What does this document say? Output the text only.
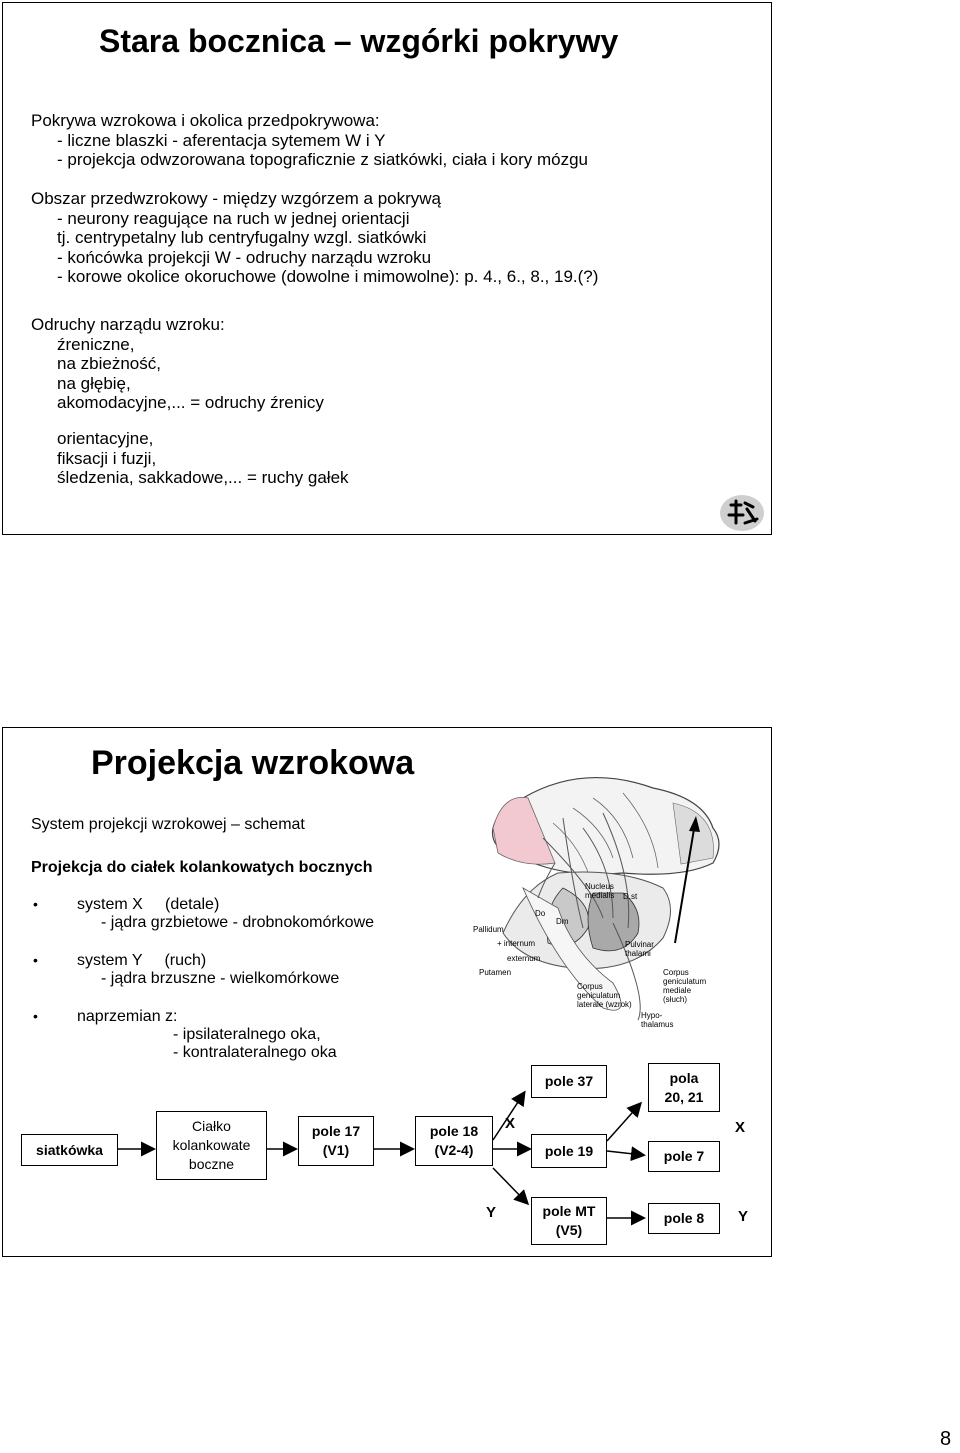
Stara bocznica – wzgórki pokrywy
Pokrywa wzrokowa i okolica przedpokrywowa:
- liczne blaszki - aferentacja sytemem W i Y
- projekcja odwzorowana topograficznie z siatkówki, ciała i kory mózgu
Obszar przedwzrokowy - między wzgórzem a pokrywą
- neurony reagujące na ruch w jednej orientacji
tj. centrypetalny lub centryfugalny wzgl. siatkówki
- końcówka projekcji W - odruchy narządu wzroku
- korowe okolice okoruchowe (dowolne i mimowolne): p. 4., 6., 8., 19.(?)
Odruchy narządu wzroku:
źreniczne,
na zbieżność,
na głębię,
akomodacyjne,... = odruchy źrenicy
orientacyjne,
fiksacji i fuzji,
śledzenia, sakkadowe,... = ruchy gałek
Projekcja wzrokowa
System projekcji wzrokowej – schemat
Projekcja do ciałek kolankowatych bocznych
• system X     (detale)
- jądra grzbietowe - drobnokomórkowe
• system Y     (ruch)
- jądra brzuszne - wielkomórkowe
• naprzemian z:
- ipsilateralnego oka,
- kontralateralnego oka
Nucleus
medialis D.st
Pallidum
+ internum
externum
Putamen
Pulvinar
thalami
Corpus
geniculatum
laterale (wzrok)
Corpus
geniculatum
mediale
(słuch)
Hypo-
thalamus
Do
Dm
siatkówka
Ciałko
kolankowate
boczne
pole 17
(V1)
pole 18
(V2-4)
pole 37	pola
20, 21
pole 19	pole 7
pole MT
(V5)
pole 8
X	X
Y	Y
8
